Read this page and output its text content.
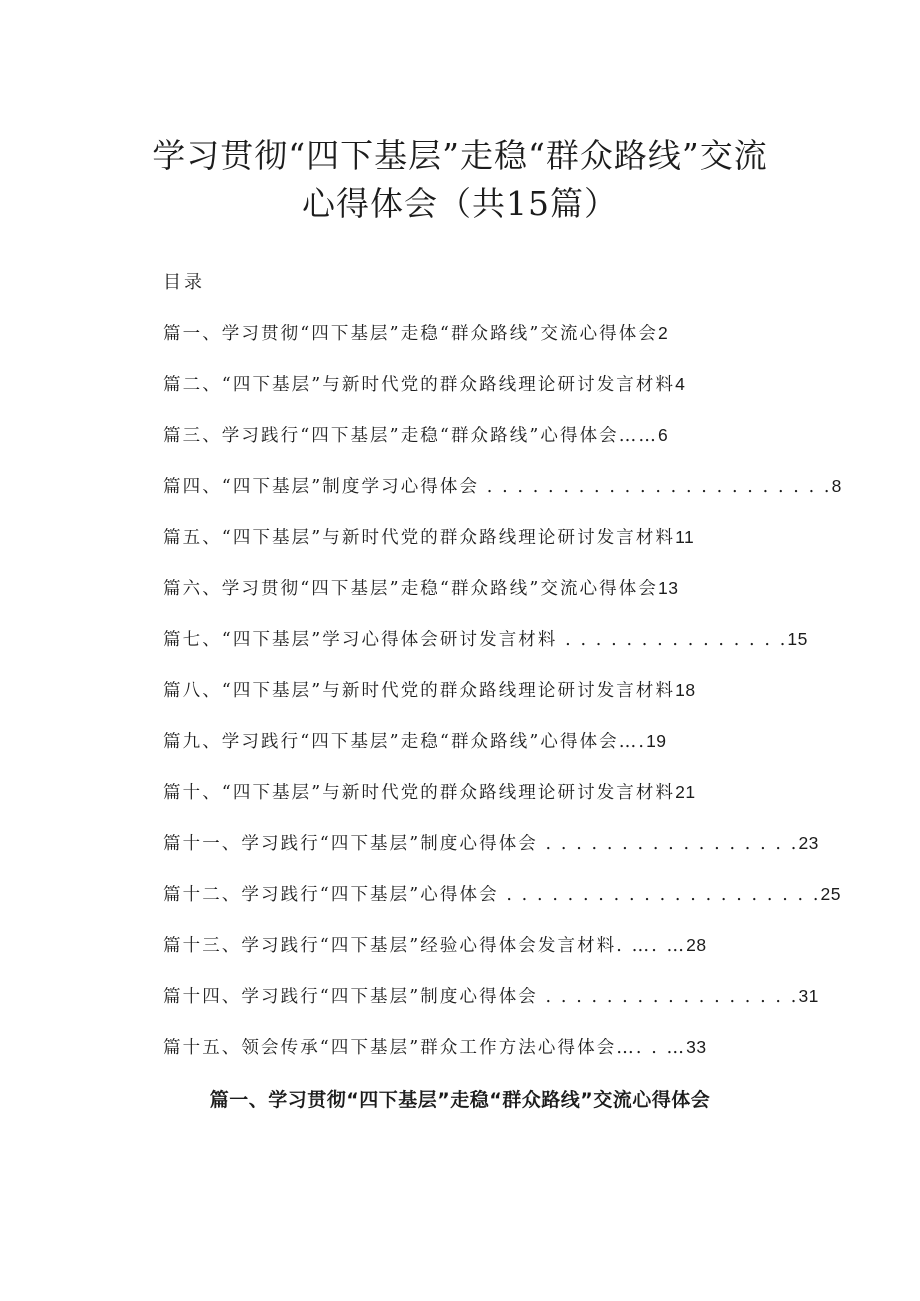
学习贯彻“四下基层”走稳“群众路线”交流
心得体会（共15篇）
目录
篇一、学习贯彻“四下基层”走稳“群众路线”交流心得体会2
篇二、“四下基层”与新时代党的群众路线理论研讨发言材料4
篇三、学习践行“四下基层”走稳“群众路线”心得体会……6
篇四、“四下基层”制度学习心得体会 . . . . . . . . . . . . . . . . . . . . . . .8
篇五、“四下基层”与新时代党的群众路线理论研讨发言材料11
篇六、学习贯彻“四下基层”走稳“群众路线”交流心得体会13
篇七、“四下基层”学习心得体会研讨发言材料 . . . . . . . . . . . . . . .15
篇八、“四下基层”与新时代党的群众路线理论研讨发言材料18
篇九、学习践行“四下基层”走稳“群众路线”心得体会….19
篇十、“四下基层”与新时代党的群众路线理论研讨发言材料21
篇十一、学习践行“四下基层”制度心得体会 . . . . . . . . . . . . . . . . .23
篇十二、学习践行“四下基层”心得体会 . . . . . . . . . . . . . . . . . . . . .25
篇十三、学习践行“四下基层”经验心得体会发言材料. …. …28
篇十四、学习践行“四下基层”制度心得体会 . . . . . . . . . . . . . . . . .31
篇十五、领会传承“四下基层”群众工作方法心得体会…. . …33
篇一、学习贯彻“四下基层”走稳“群众路线”交流心得体会
